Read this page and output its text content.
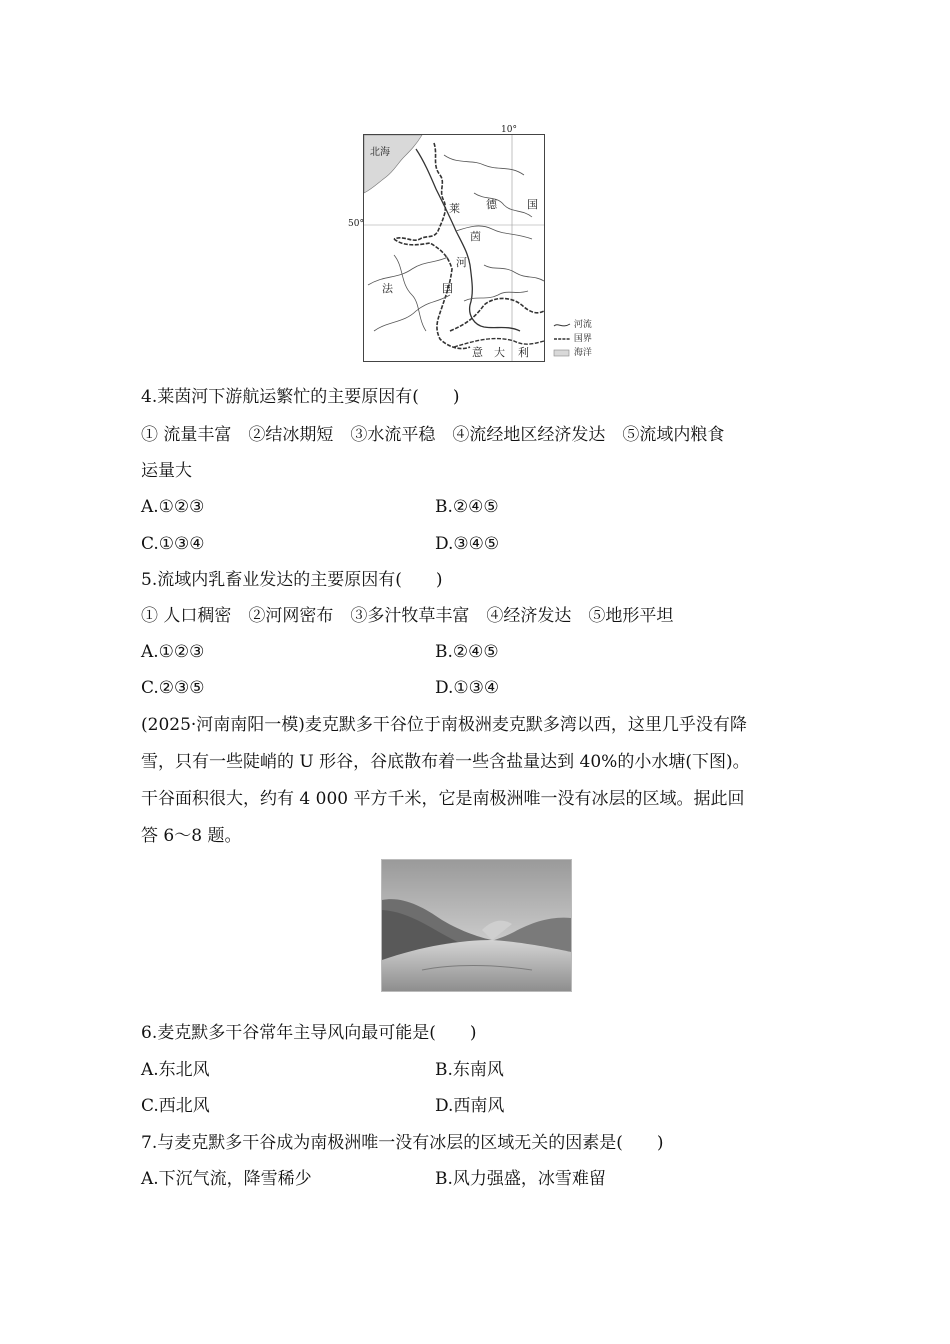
北海
莱
茵
河
德	国
法	国
意 大 利
10°
50°
河流
国界
海洋
4.莱茵河下游航运繁忙的主要原因有(　　)
① 流量丰富　②结冰期短　③水流平稳　④流经地区经济发达　⑤流域内粮食
运量大
A.①②③	B.②④⑤
C.①③④	D.③④⑤
5.流域内乳畜业发达的主要原因有(　　)
① 人口稠密　②河网密布　③多汁牧草丰富　④经济发达　⑤地形平坦
A.①②③	B.②④⑤
C.②③⑤	D.①③④
(2025·河南南阳一模)麦克默多干谷位于南极洲麦克默多湾以西，这里几乎没有降
雪，只有一些陡峭的 U 形谷，谷底散布着一些含盐量达到 40%的小水塘(下图)。
干谷面积很大，约有 4 000 平方千米，它是南极洲唯一没有冰层的区域。据此回
答 6～8 题。
6.麦克默多干谷常年主导风向最可能是(　　)
A.东北风	B.东南风
C.西北风	D.西南风
7.与麦克默多干谷成为南极洲唯一没有冰层的区域无关的因素是(　　)
A.下沉气流，降雪稀少	B.风力强盛，冰雪难留
